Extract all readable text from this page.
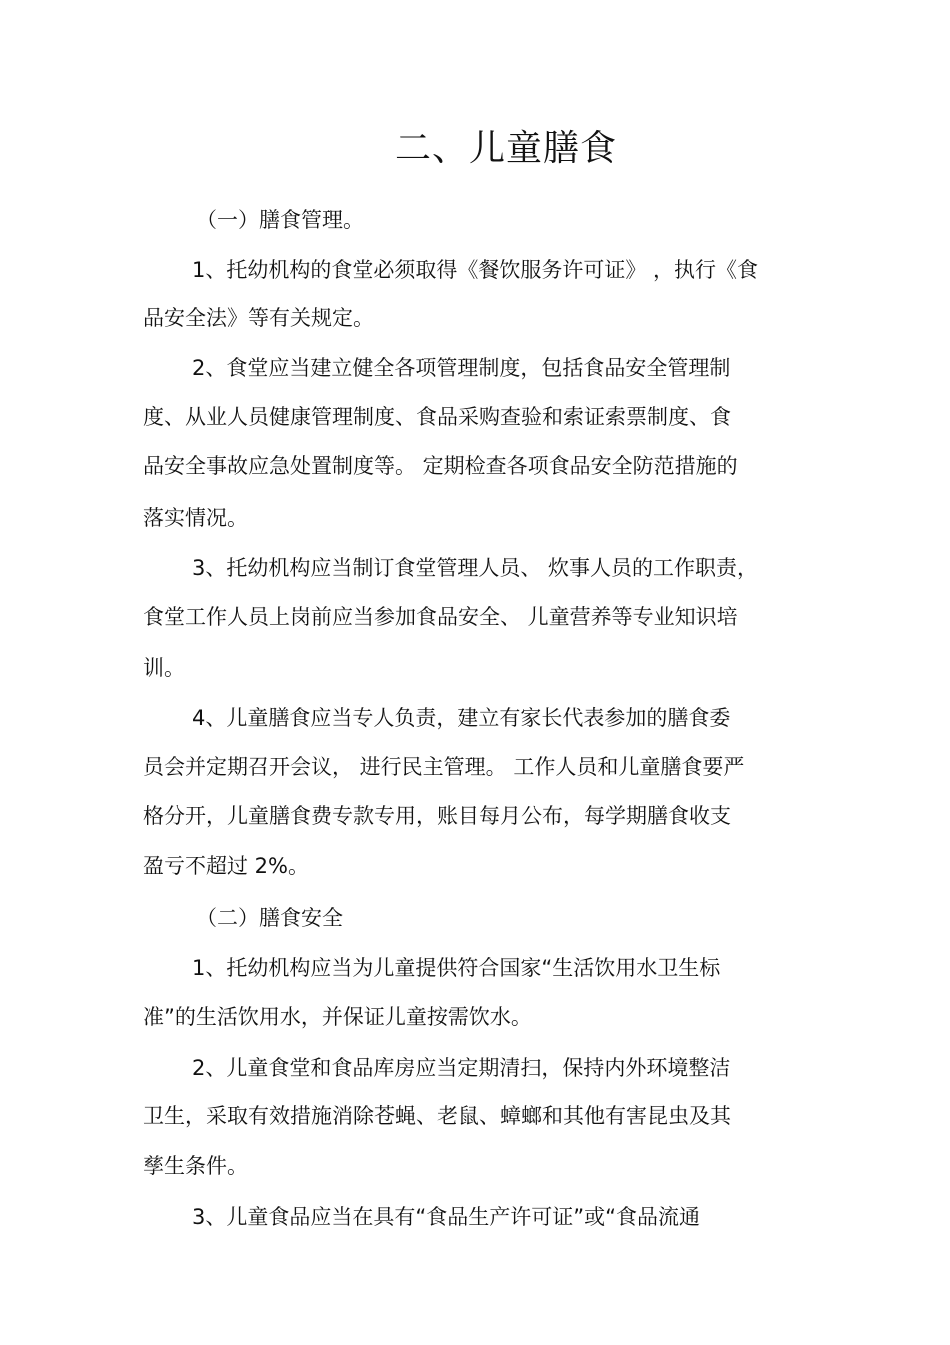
二、儿童膳食
（一）膳食管理。
1、托幼机构的食堂必须取得《餐饮服务许可证》 ，执行《食
品安全法》等有关规定。
2、食堂应当建立健全各项管理制度，包括食品安全管理制
度、从业人员健康管理制度、食品采购查验和索证索票制度、食
品安全事故应急处置制度等。 定期检查各项食品安全防范措施的
落实情况。
3、托幼机构应当制订食堂管理人员、 炊事人员的工作职责，
食堂工作人员上岗前应当参加食品安全、 儿童营养等专业知识培
训。
4、儿童膳食应当专人负责，建立有家长代表参加的膳食委
员会并定期召开会议， 进行民主管理。 工作人员和儿童膳食要严
格分开，儿童膳食费专款专用，账目每月公布，每学期膳食收支
盈亏不超过 2%。
（二）膳食安全
1、托幼机构应当为儿童提供符合国家“生活饮用水卫生标
准”的生活饮用水，并保证儿童按需饮水。
2、儿童食堂和食品库房应当定期清扫，保持内外环境整洁
卫生，采取有效措施消除苍蝇、老鼠、蟑螂和其他有害昆虫及其
孳生条件。
3、儿童食品应当在具有“食品生产许可证”或“食品流通
